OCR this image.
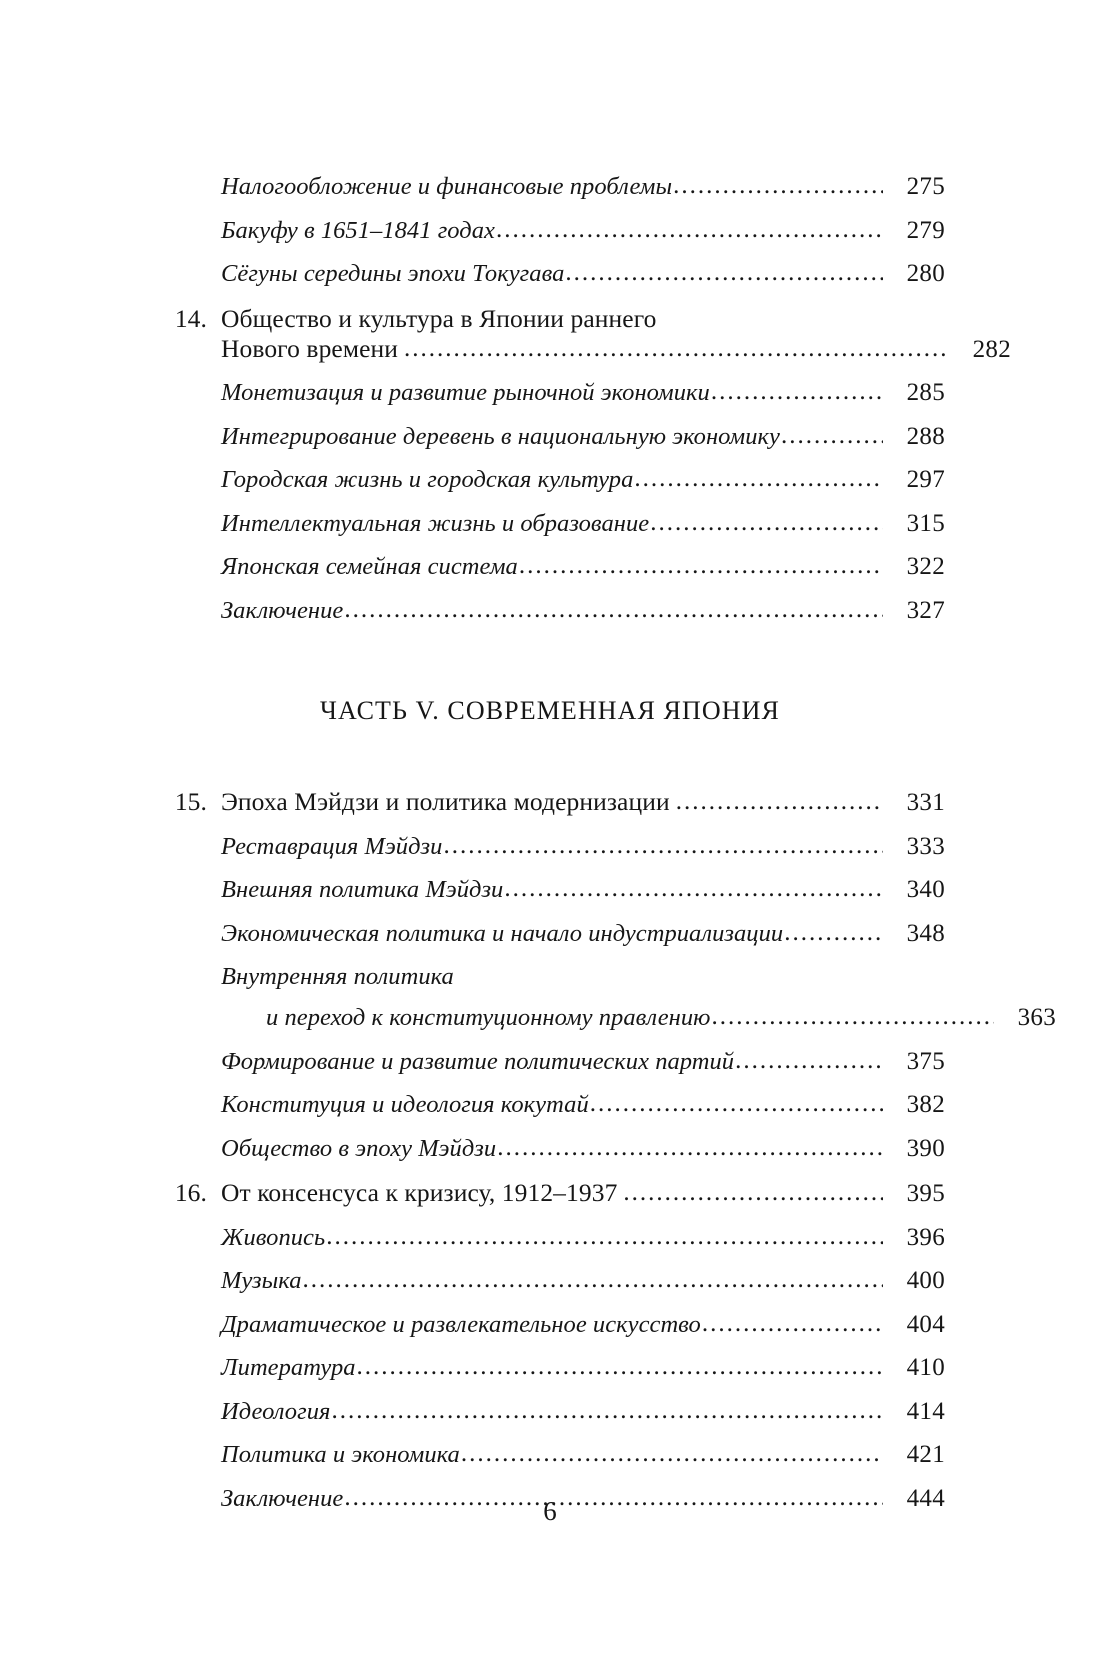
Налогообложение и финансовые проблемы .....	275
Бакуфу в 1651–1841 годах .....	279
Сёгуны середины эпохи Токугава .....	280
14. Общество и культура в Японии раннего
Нового времени .....	282
Монетизация и развитие рыночной экономики .....	285
Интегрирование деревень в национальную экономику .....	288
Городская жизнь и городская культура .....	297
Интеллектуальная жизнь и образование .....	315
Японская семейная система .....	322
Заключение .....	327
ЧАСТЬ V. СОВРЕМЕННАЯ ЯПОНИЯ
15. Эпоха Мэйдзи и политика модернизации .....	331
Реставрация Мэйдзи .....	333
Внешняя политика Мэйдзи .....	340
Экономическая политика и начало индустриализации .....	348
Внутренняя политика
и переход к конституционному правлению .....	363
Формирование и развитие политических партий .....	375
Конституция и идеология кокутай .....	382
Общество в эпоху Мэйдзи .....	390
16. От консенсуса к кризису, 1912–1937 .....	395
Живопись .....	396
Музыка .....	400
Драматическое и развлекательное искусство .....	404
Литература .....	410
Идеология .....	414
Политика и экономика .....	421
Заключение .....	444
6
